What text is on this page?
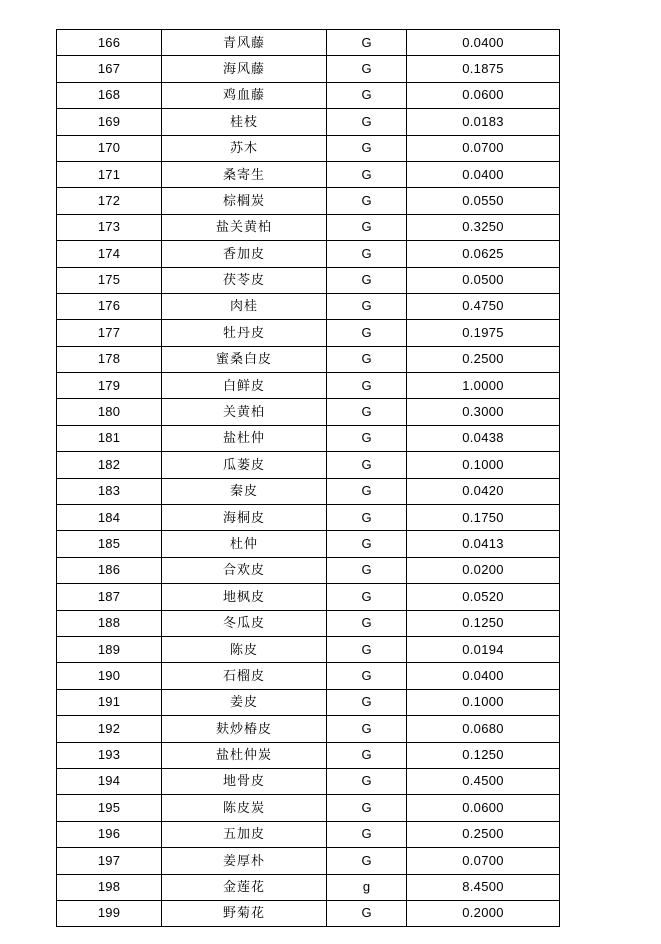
166	青风藤	G	0.0400
167	海风藤	G	0.1875
168	鸡血藤	G	0.0600
169	桂枝	G	0.0183
170	苏木	G	0.0700
171	桑寄生	G	0.0400
172	棕榈炭	G	0.0550
173	盐关黄柏	G	0.3250
174	香加皮	G	0.0625
175	茯苓皮	G	0.0500
176	肉桂	G	0.4750
177	牡丹皮	G	0.1975
178	蜜桑白皮	G	0.2500
179	白鲜皮	G	1.0000
180	关黄柏	G	0.3000
181	盐杜仲	G	0.0438
182	瓜蒌皮	G	0.1000
183	秦皮	G	0.0420
184	海桐皮	G	0.1750
185	杜仲	G	0.0413
186	合欢皮	G	0.0200
187	地枫皮	G	0.0520
188	冬瓜皮	G	0.1250
189	陈皮	G	0.0194
190	石榴皮	G	0.0400
191	姜皮	G	0.1000
192	麸炒椿皮	G	0.0680
193	盐杜仲炭	G	0.1250
194	地骨皮	G	0.4500
195	陈皮炭	G	0.0600
196	五加皮	G	0.2500
197	姜厚朴	G	0.0700
198	金莲花	g	8.4500
199	野菊花	G	0.2000
